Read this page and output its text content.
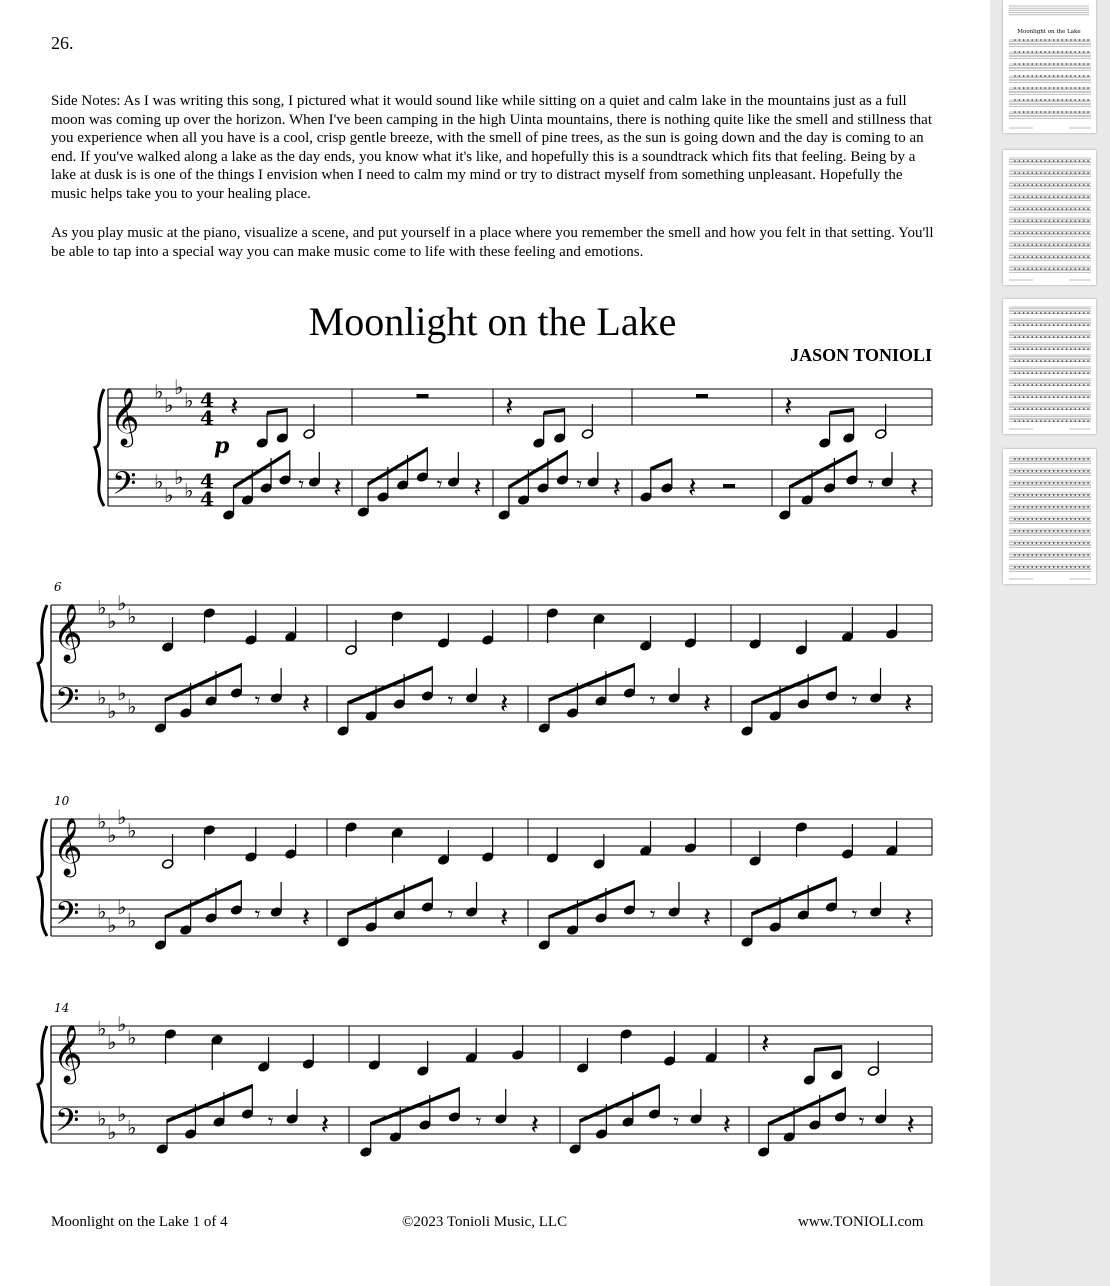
26.

Side Notes: As I was writing this song, I pictured what it would sound like while sitting on a quiet and calm lake in the mountains just as a full moon was coming up over the horizon. When I've been camping in the high Uinta mountains, there is nothing quite like the smell and stillness that you experience when all you have is a cool, crisp gentle breeze, with the smell of pine trees, as the sun is going down and the day is coming to an end. If you've walked along a lake as the day ends, you know what it's like, and hopefully this is a soundtrack which fits that feeling. Being by a lake at dusk is is one of the things I envision when I need to calm my mind or try to distract myself from something unpleasant. Hopefully the music helps take you to your healing place.

As you play music at the piano, visualize a scene, and put yourself in a place where you remember the smell and how you felt in that setting. You'll be able to tap into a special way you can make music come to life with these feeling and emotions.

Moonlight on the Lake
JASON TONIOLI
𝄞
𝄢
♭
♭
♭
♭
♭
♭
♭
♭
4
4
4
4
p
𝄽
𝄾 𝄽	𝄾 𝄽
𝄽
𝄾 𝄽 𝄽
𝄽
𝄾 𝄽
𝄞
𝄢
♭
♭
♭
♭
♭
♭
♭
♭
6
𝄾 𝄽	𝄾 𝄽	𝄾 𝄽	𝄾 𝄽
𝄞
𝄢
♭
♭
♭
♭
♭
♭
♭
♭
10
𝄾 𝄽	𝄾 𝄽	𝄾 𝄽	𝄾 𝄽
𝄞
𝄢
♭
♭
♭
♭
♭
♭
♭
♭
14
𝄾 𝄽	𝄾 𝄽	𝄾 𝄽
𝄽
𝄾 𝄽
Moonlight on the Lake 1 of 4	©2023 Tonioli Music, LLC	www.TONIOLI.com
Moonlight on the Lake
